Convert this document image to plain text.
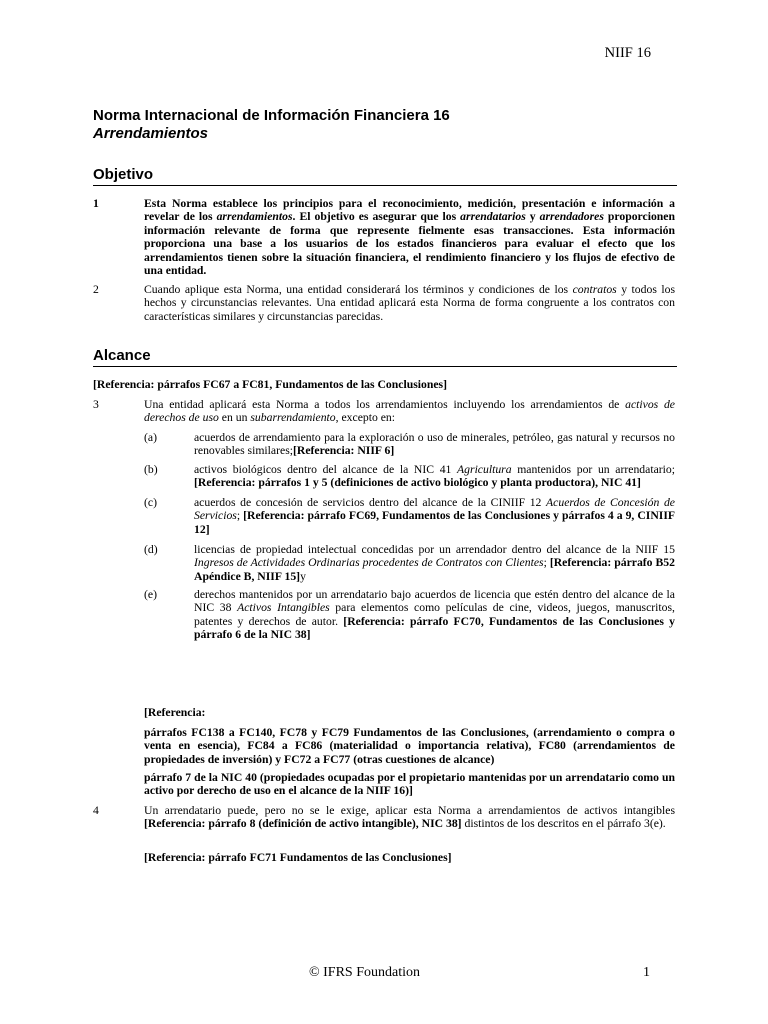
NIIF 16
Norma Internacional de Información Financiera 16
Arrendamientos
Objetivo
1	Esta Norma establece los principios para el reconocimiento, medición, presentación e información a revelar de los arrendamientos. El objetivo es asegurar que los arrendatarios y arrendadores proporcionen información relevante de forma que represente fielmente esas transacciones. Esta información proporciona una base a los usuarios de los estados financieros para evaluar el efecto que los arrendamientos tienen sobre la situación financiera, el rendimiento financiero y los flujos de efectivo de una entidad.
2	Cuando aplique esta Norma, una entidad considerará los términos y condiciones de los contratos y todos los hechos y circunstancias relevantes. Una entidad aplicará esta Norma de forma congruente a los contratos con características similares y circunstancias parecidas.
Alcance
[Referencia: párrafos FC67 a FC81, Fundamentos de las Conclusiones]
3	Una entidad aplicará esta Norma a todos los arrendamientos incluyendo los arrendamientos de activos de derechos de uso en un subarrendamiento, excepto en:
(a)	acuerdos de arrendamiento para la exploración o uso de minerales, petróleo, gas natural y recursos no renovables similares;[Referencia: NIIF 6]
(b)	activos biológicos dentro del alcance de la NIC 41 Agricultura mantenidos por un arrendatario; [Referencia: párrafos 1 y 5 (definiciones de activo biológico y planta productora), NIC 41]
(c)	acuerdos de concesión de servicios dentro del alcance de la CINIIF 12 Acuerdos de Concesión de Servicios; [Referencia: párrafo FC69, Fundamentos de las Conclusiones y párrafos 4 a 9, CINIIF 12]
(d)	licencias de propiedad intelectual concedidas por un arrendador dentro del alcance de la NIIF 15 Ingresos de Actividades Ordinarias procedentes de Contratos con Clientes; [Referencia: párrafo B52 Apéndice B, NIIF 15]y
(e)	derechos mantenidos por un arrendatario bajo acuerdos de licencia que estén dentro del alcance de la NIC 38 Activos Intangibles para elementos como películas de cine, videos, juegos, manuscritos, patentes y derechos de autor. [Referencia: párrafo FC70, Fundamentos de las Conclusiones y párrafo 6 de la NIC 38]
[Referencia:
párrafos FC138 a FC140, FC78 y FC79 Fundamentos de las Conclusiones, (arrendamiento o compra o venta en esencia), FC84 a FC86 (materialidad o importancia relativa), FC80 (arrendamientos de propiedades de inversión) y FC72 a FC77 (otras cuestiones de alcance)
párrafo 7 de la NIC 40 (propiedades ocupadas por el propietario mantenidas por un arrendatario como un activo por derecho de uso en el alcance de la NIIF 16)]
4	Un arrendatario puede, pero no se le exige, aplicar esta Norma a arrendamientos de activos intangibles [Referencia: párrafo 8 (definición de activo intangible), NIC 38] distintos de los descritos en el párrafo 3(e).
[Referencia: párrafo FC71 Fundamentos de las Conclusiones]
© IFRS Foundation	1
